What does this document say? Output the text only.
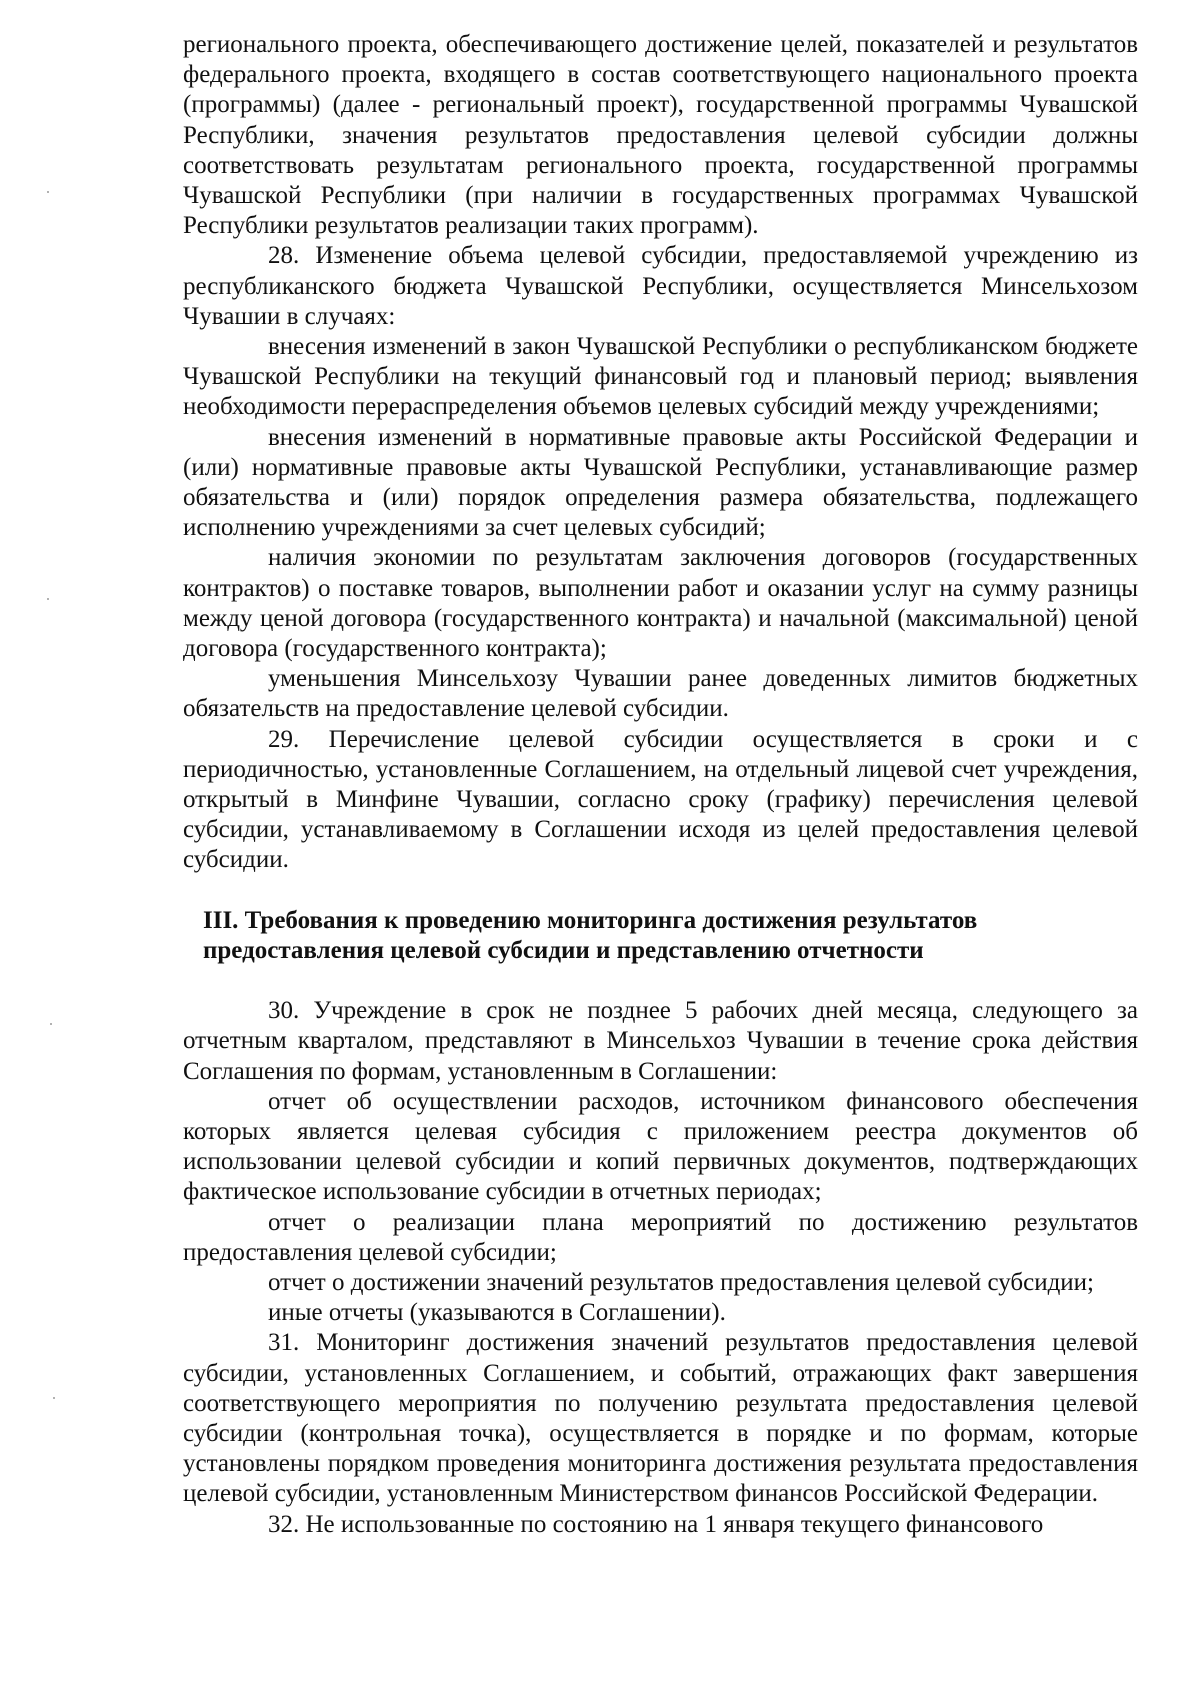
регионального проекта, обеспечивающего достижение целей, показателей и результатов федерального проекта, входящего в состав соответствующего национального проекта (программы) (далее - региональный проект), государственной программы Чувашской Республики, значения результатов предоставления целевой субсидии должны соответствовать результатам регионального проекта, государственной программы Чувашской Республики (при наличии в государственных программах Чувашской Республики результатов реализации таких программ).

28. Изменение объема целевой субсидии, предоставляемой учреждению из республиканского бюджета Чувашской Республики, осуществляется Минсельхозом Чувашии в случаях:

внесения изменений в закон Чувашской Республики о республиканском бюджете Чувашской Республики на текущий финансовый год и плановый период; выявления необходимости перераспределения объемов целевых субсидий между учреждениями;

внесения изменений в нормативные правовые акты Российской Федерации и (или) нормативные правовые акты Чувашской Республики, устанавливающие размер обязательства и (или) порядок определения размера обязательства, подлежащего исполнению учреждениями за счет целевых субсидий;

наличия экономии по результатам заключения договоров (государственных контрактов) о поставке товаров, выполнении работ и оказании услуг на сумму разницы между ценой договора (государственного контракта) и начальной (максимальной) ценой договора (государственного контракта);

уменьшения Минсельхозу Чувашии ранее доведенных лимитов бюджетных обязательств на предоставление целевой субсидии.

29. Перечисление целевой субсидии осуществляется в сроки и с периодичностью, установленные Соглашением, на отдельный лицевой счет учреждения, открытый в Минфине Чувашии, согласно сроку (графику) перечисления целевой субсидии, устанавливаемому в Соглашении исходя из целей предоставления целевой субсидии.

III. Требования к проведению мониторинга достижения результатов

предоставления целевой субсидии и представлению отчетности

30. Учреждение в срок не позднее 5 рабочих дней месяца, следующего за отчетным кварталом, представляют в Минсельхоз Чувашии в течение срока действия Соглашения по формам, установленным в Соглашении:

отчет об осуществлении расходов, источником финансового обеспечения которых является целевая субсидия с приложением реестра документов об использовании целевой субсидии и копий первичных документов, подтверждающих фактическое использование субсидии в отчетных периодах;

отчет о реализации плана мероприятий по достижению результатов предоставления целевой субсидии;

отчет о достижении значений результатов предоставления целевой субсидии;

иные отчеты (указываются в Соглашении).

31. Мониторинг достижения значений результатов предоставления целевой субсидии, установленных Соглашением, и событий, отражающих факт завершения соответствующего мероприятия по получению результата предоставления целевой субсидии (контрольная точка), осуществляется в порядке и по формам, которые установлены порядком проведения мониторинга достижения результата предоставления целевой субсидии, установленным Министерством финансов Российской Федерации.

32. Не использованные по состоянию на 1 января текущего финансового
